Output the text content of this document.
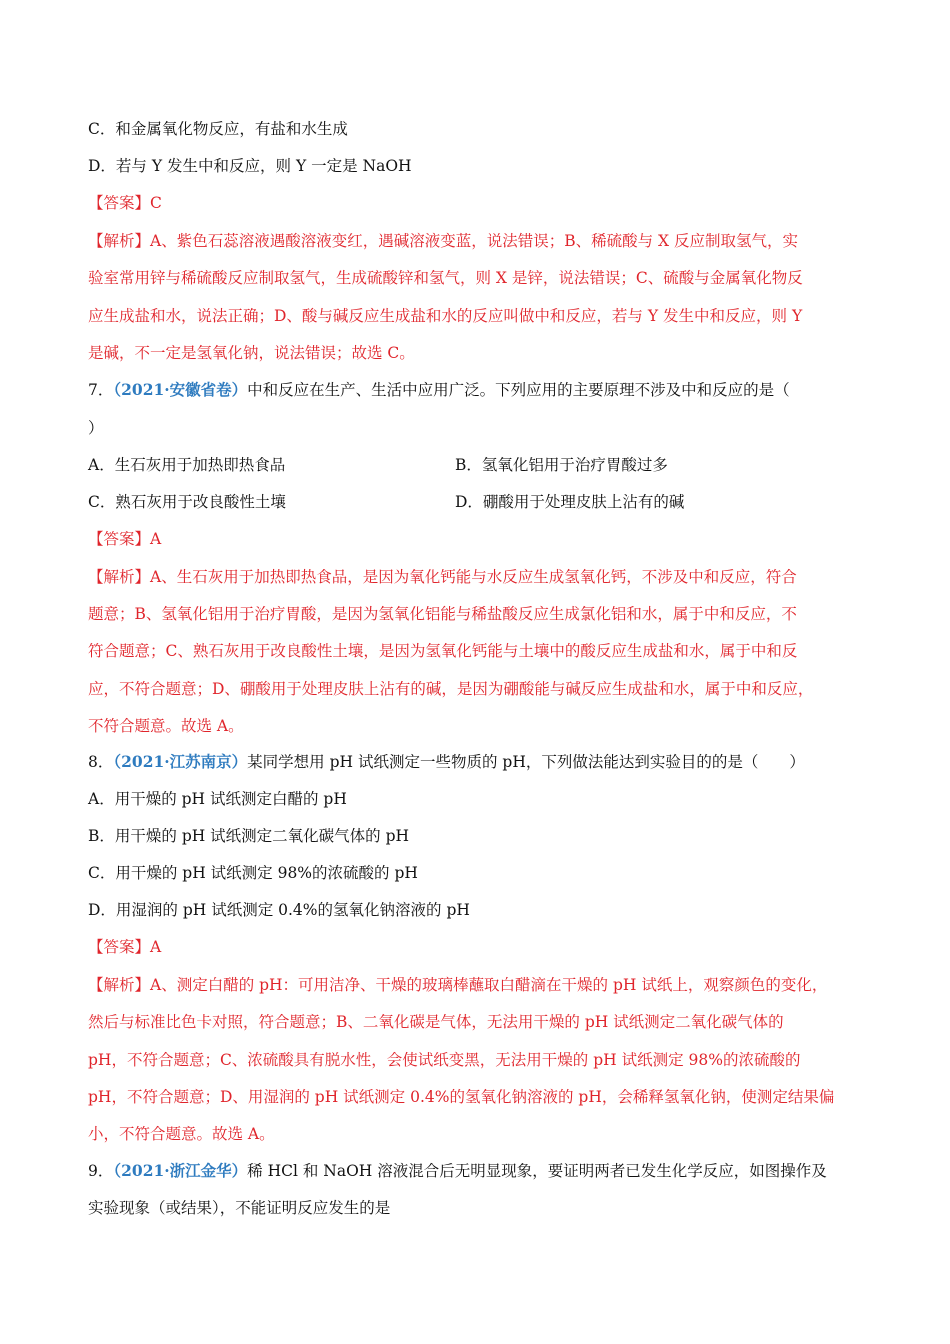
C．和金属氧化物反应，有盐和水生成
D．若与 Y 发生中和反应，则 Y 一定是 NaOH
【答案】C
【解析】A、紫色石蕊溶液遇酸溶液变红，遇碱溶液变蓝，说法错误；B、稀硫酸与 X 反应制取氢气，实
验室常用锌与稀硫酸反应制取氢气，生成硫酸锌和氢气，则 X 是锌，说法错误；C、硫酸与金属氧化物反
应生成盐和水，说法正确；D、酸与碱反应生成盐和水的反应叫做中和反应，若与 Y 发生中和反应，则 Y
是碱，不一定是氢氧化钠，说法错误；故选 C。
7．（2021·安徽省卷）中和反应在生产、生活中应用广泛。下列应用的主要原理不涉及中和反应的是（
）
A．生石灰用于加热即热食品	B．氢氧化铝用于治疗胃酸过多
C．熟石灰用于改良酸性土壤	D．硼酸用于处理皮肤上沾有的碱
【答案】A
【解析】A、生石灰用于加热即热食品，是因为氧化钙能与水反应生成氢氧化钙，不涉及中和反应，符合
题意；B、氢氧化铝用于治疗胃酸，是因为氢氧化铝能与稀盐酸反应生成氯化铝和水，属于中和反应，不
符合题意；C、熟石灰用于改良酸性土壤，是因为氢氧化钙能与土壤中的酸反应生成盐和水，属于中和反
应，不符合题意；D、硼酸用于处理皮肤上沾有的碱，是因为硼酸能与碱反应生成盐和水，属于中和反应，
不符合题意。故选 A。
8．（2021·江苏南京）某同学想用 pH 试纸测定一些物质的 pH，下列做法能达到实验目的的是（　　）
A．用干燥的 pH 试纸测定白醋的 pH
B．用干燥的 pH 试纸测定二氧化碳气体的 pH
C．用干燥的 pH 试纸测定 98%的浓硫酸的 pH
D．用湿润的 pH 试纸测定 0.4%的氢氧化钠溶液的 pH
【答案】A
【解析】A、测定白醋的 pH：可用洁净、干燥的玻璃棒蘸取白醋滴在干燥的 pH 试纸上，观察颜色的变化，
然后与标准比色卡对照，符合题意；B、二氧化碳是气体，无法用干燥的 pH 试纸测定二氧化碳气体的
pH，不符合题意；C、浓硫酸具有脱水性，会使试纸变黑，无法用干燥的 pH 试纸测定 98%的浓硫酸的
pH，不符合题意；D、用湿润的 pH 试纸测定 0.4%的氢氧化钠溶液的 pH，会稀释氢氧化钠，使测定结果偏
小，不符合题意。故选 A。
9．（2021·浙江金华）稀 HCl 和 NaOH 溶液混合后无明显现象，要证明两者已发生化学反应，如图操作及
实验现象（或结果），不能证明反应发生的是
